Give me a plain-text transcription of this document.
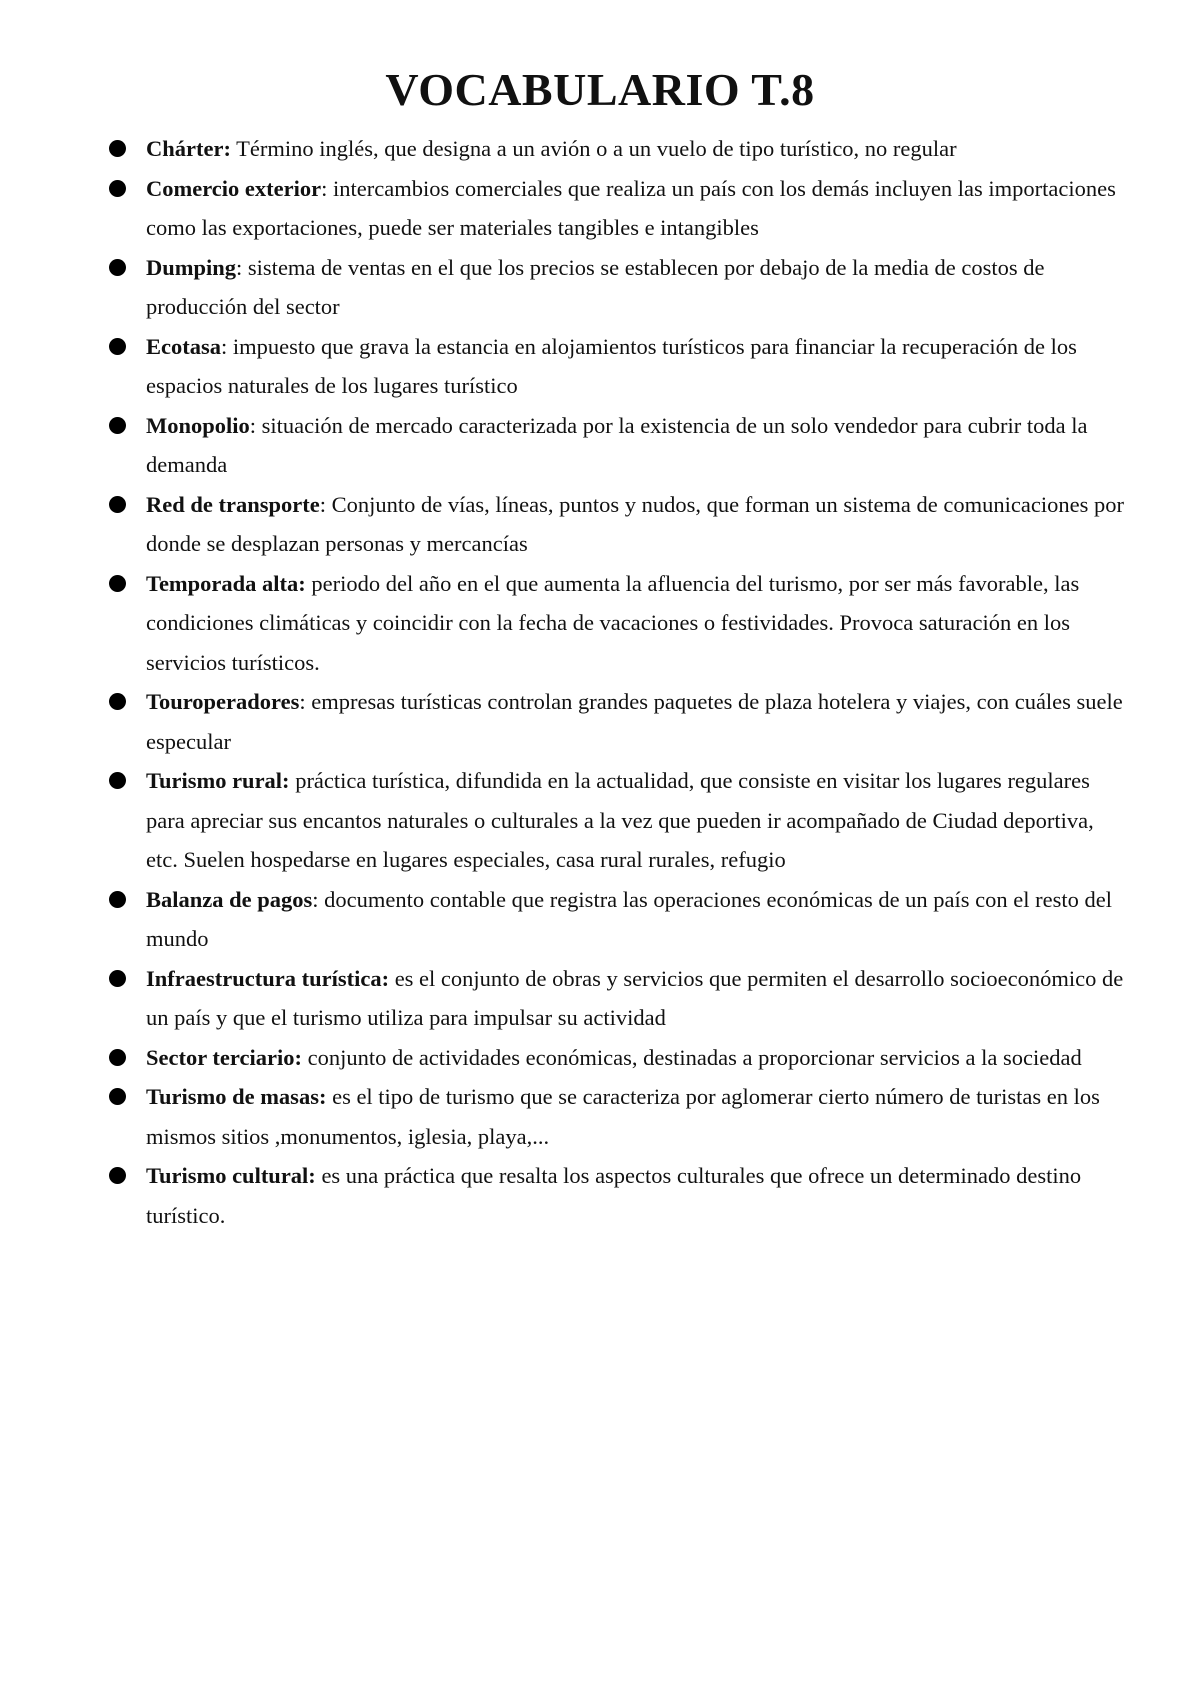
VOCABULARIO T.8
Chárter: Término inglés, que designa a un avión o a un vuelo de tipo turístico, no regular
Comercio exterior: intercambios comerciales que realiza un país con los demás incluyen las importaciones como las exportaciones, puede ser materiales tangibles e intangibles
Dumping: sistema de ventas en el que los precios se establecen por debajo de la media de costos de producción del sector
Ecotasa: impuesto que grava la estancia en alojamientos turísticos para financiar la recuperación de los espacios naturales de los lugares turístico
Monopolio: situación de mercado caracterizada por la existencia de un solo vendedor para cubrir toda la demanda
Red de transporte: Conjunto de vías, líneas, puntos y nudos, que forman un sistema de comunicaciones por donde se desplazan personas y mercancías
Temporada alta: periodo del año en el que aumenta la afluencia del turismo, por ser más favorable, las condiciones climáticas y coincidir con la fecha de vacaciones o festividades. Provoca saturación en los servicios turísticos.
Touroperadores: empresas turísticas controlan grandes paquetes de plaza hotelera y viajes, con cuáles suele especular
Turismo rural: práctica turística, difundida en la actualidad, que consiste en visitar los lugares regulares para apreciar sus encantos naturales o culturales a la vez que pueden ir acompañado de Ciudad deportiva, etc. Suelen hospedarse en lugares especiales, casa rural rurales, refugio
Balanza de pagos: documento contable que registra las operaciones económicas de un país con el resto del mundo
Infraestructura turística: es el conjunto de obras y servicios que permiten el desarrollo socioeconómico de un país y que el turismo utiliza para impulsar su actividad
Sector terciario: conjunto de actividades económicas, destinadas a proporcionar servicios a la sociedad
Turismo de masas: es el tipo de turismo que se caracteriza por aglomerar cierto número de turistas en los mismos sitios ,monumentos, iglesia, playa,...
Turismo cultural: es una práctica que resalta los aspectos culturales que ofrece un determinado destino turístico.
